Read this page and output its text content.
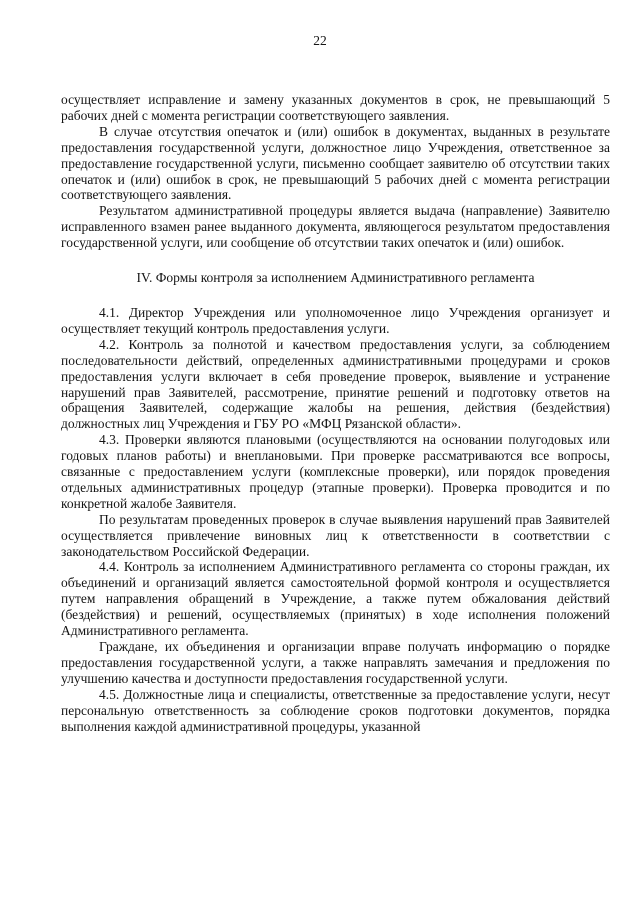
22

осуществляет исправление и замену указанных документов в срок, не превышающий 5 рабочих дней с момента регистрации соответствующего заявления.

В случае отсутствия опечаток и (или) ошибок в документах, выданных в результате предоставления государственной услуги, должностное лицо Учреждения, ответственное за предоставление государственной услуги, письменно сообщает заявителю об отсутствии таких опечаток и (или) ошибок в срок, не превышающий 5 рабочих дней с момента регистрации соответствующего заявления.

Результатом административной процедуры является выдача (направление) Заявителю исправленного взамен ранее выданного документа, являющегося результатом предоставления государственной услуги, или сообщение об отсутствии таких опечаток и (или) ошибок.

IV. Формы контроля за исполнением Административного регламента

4.1. Директор Учреждения или уполномоченное лицо Учреждения организует и осуществляет текущий контроль предоставления услуги.

4.2. Контроль за полнотой и качеством предоставления услуги, за соблюдением последовательности действий, определенных административными процедурами и сроков предоставления услуги включает в себя проведение проверок, выявление и устранение нарушений прав Заявителей, рассмотрение, принятие решений и подготовку ответов на обращения Заявителей, содержащие жалобы на решения, действия (бездействия) должностных лиц Учреждения и ГБУ РО «МФЦ Рязанской области».

4.3. Проверки являются плановыми (осуществляются на основании полугодовых или годовых планов работы) и внеплановыми. При проверке рассматриваются все вопросы, связанные с предоставлением услуги (комплексные проверки), или порядок проведения отдельных административных процедур (этапные проверки). Проверка проводится и по конкретной жалобе Заявителя.

По результатам проведенных проверок в случае выявления нарушений прав Заявителей осуществляется привлечение виновных лиц к ответственности в соответствии с законодательством Российской Федерации.

4.4. Контроль за исполнением Административного регламента со стороны граждан, их объединений и организаций является самостоятельной формой контроля и осуществляется путем направления обращений в Учреждение, а также путем обжалования действий (бездействия) и решений, осуществляемых (принятых) в ходе исполнения положений Административного регламента.

Граждане, их объединения и организации вправе получать информацию о порядке предоставления государственной услуги, а также направлять замечания и предложения по улучшению качества и доступности предоставления государственной услуги.

4.5. Должностные лица и специалисты, ответственные за предоставление услуги, несут персональную ответственность за соблюдение сроков подготовки документов, порядка выполнения каждой административной процедуры, указанной
